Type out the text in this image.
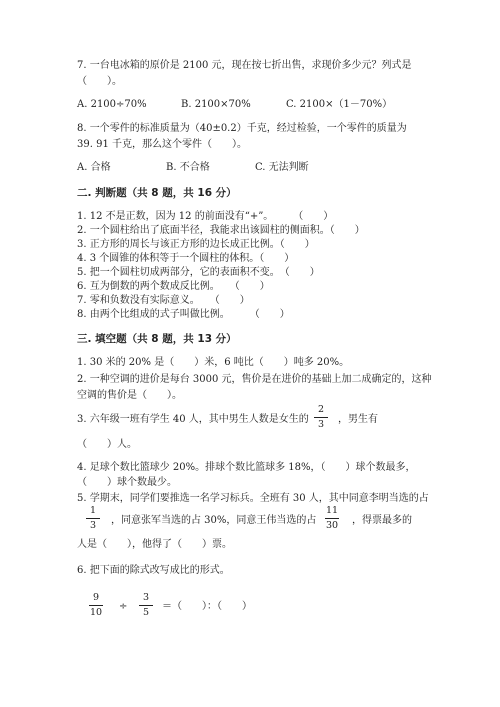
7. 一台电冰箱的原价是 2100 元，现在按七折出售，求现价多少元？列式是
（　　）。
A. 2100÷70%	B. 2100×70%	C. 2100×（1－70%）
8. 一个零件的标准质量为（40±0.2）千克，经过检验，一个零件的质量为
39. 91 千克，那么这个零件（　　）。
A. 合格	B. 不合格	C. 无法判断
二. 判断题（共 8 题，共 16 分）
1. 12 不是正数，因为 12 的前面没有“+”。　　　（　　）
2. 一个圆柱给出了底面半径，我能求出该圆柱的侧面积。（　　）
3. 正方形的周长与该正方形的边长成正比例。（　　）
4. 3 个圆锥的体积等于一个圆柱的体积。（　　）
5. 把一个圆柱切成两部分，它的表面积不变。　（　　）
6. 互为倒数的两个数成反比例。　　（　　）
7. 零和负数没有实际意义。　　（　　）
8. 由两个比组成的式子叫做比例。　　　（　　）
三. 填空题（共 8 题，共 13 分）
1. 30 米的 20% 是（　　）米，6 吨比（　　）吨多 20%。
2. 一种空调的进价是每台 3000 元，售价是在进价的基础上加二成确定的，这种
空调的售价是（　　）。
3. 六年级一班有学生 40 人，其中男生人数是女生的
2
3 ，男生有
（　　）人。
4. 足球个数比篮球少 20%。排球个数比篮球多 18%，（　　）球个数最多，
（　　）球个数最少。
5. 学期末，同学们要推选一名学习标兵。全班有 30 人，其中同意李明当选的占
1
3 ，同意张军当选的占 30%，同意王伟当选的占
11
30 ，得票最多的
人是（　　），他得了（　　）票。
6. 把下面的除式改写成比的形式。
9
10
÷
3
5
＝（　　）：（　　）
